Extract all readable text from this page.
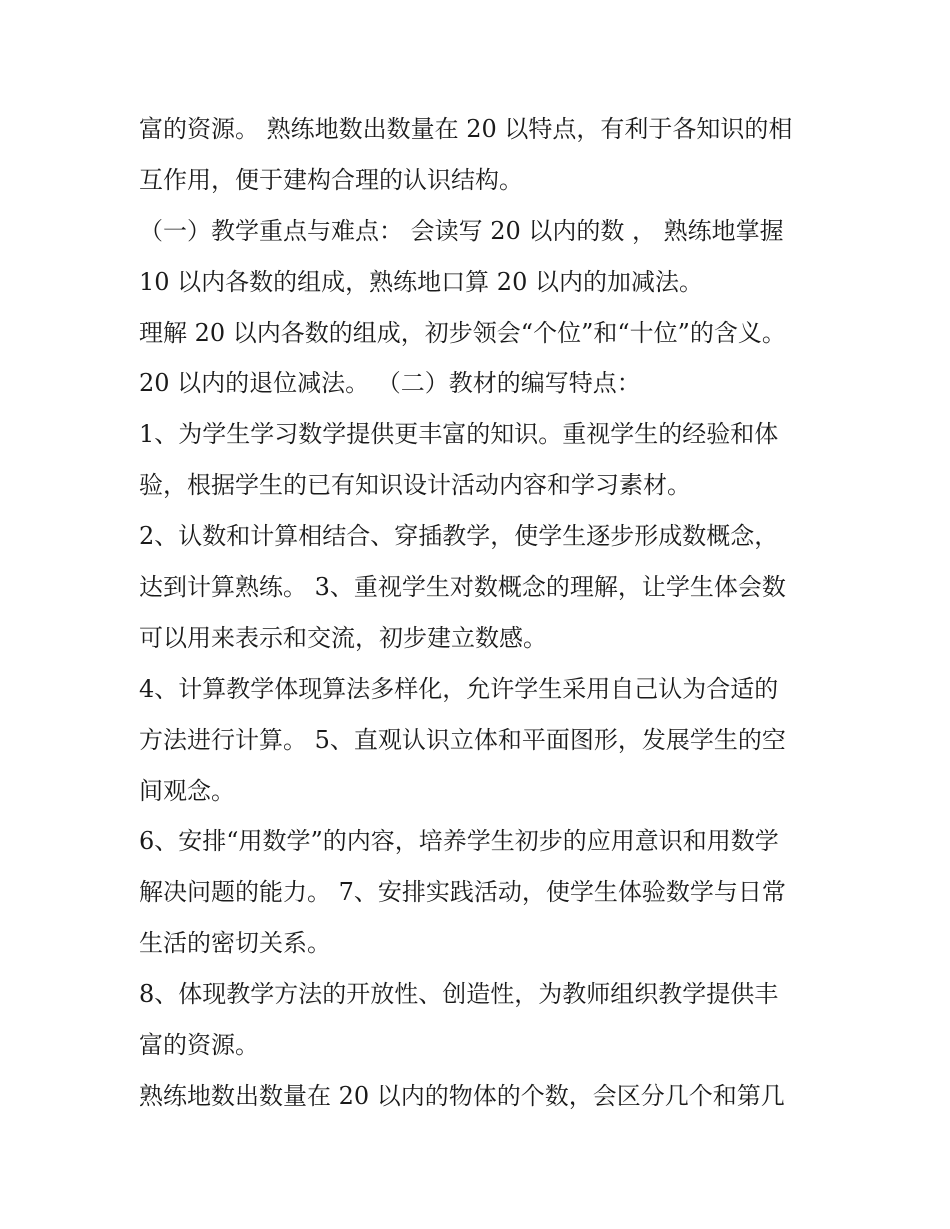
富的资源。 熟练地数出数量在 20 以特点，有利于各知识的相
互作用，便于建构合理的认识结构。
（一）教学重点与难点： 会读写 20 以内的数 ， 熟练地掌握
10 以内各数的组成，熟练地口算 20 以内的加减法。
理解 20 以内各数的组成，初步领会“个位”和“十位”的含义。
20 以内的退位减法。 （二）教材的编写特点：
1、为学生学习数学提供更丰富的知识。重视学生的经验和体
验，根据学生的已有知识设计活动内容和学习素材。
2、认数和计算相结合、穿插教学，使学生逐步形成数概念，
达到计算熟练。 3、重视学生对数概念的理解，让学生体会数
可以用来表示和交流，初步建立数感。
4、计算教学体现算法多样化，允许学生采用自己认为合适的
方法进行计算。 5、直观认识立体和平面图形，发展学生的空
间观念。
6、安排“用数学”的内容，培养学生初步的应用意识和用数学
解决问题的能力。 7、安排实践活动，使学生体验数学与日常
生活的密切关系。
8、体现教学方法的开放性、创造性，为教师组织教学提供丰
富的资源。
熟练地数出数量在 20 以内的物体的个数，会区分几个和第几
